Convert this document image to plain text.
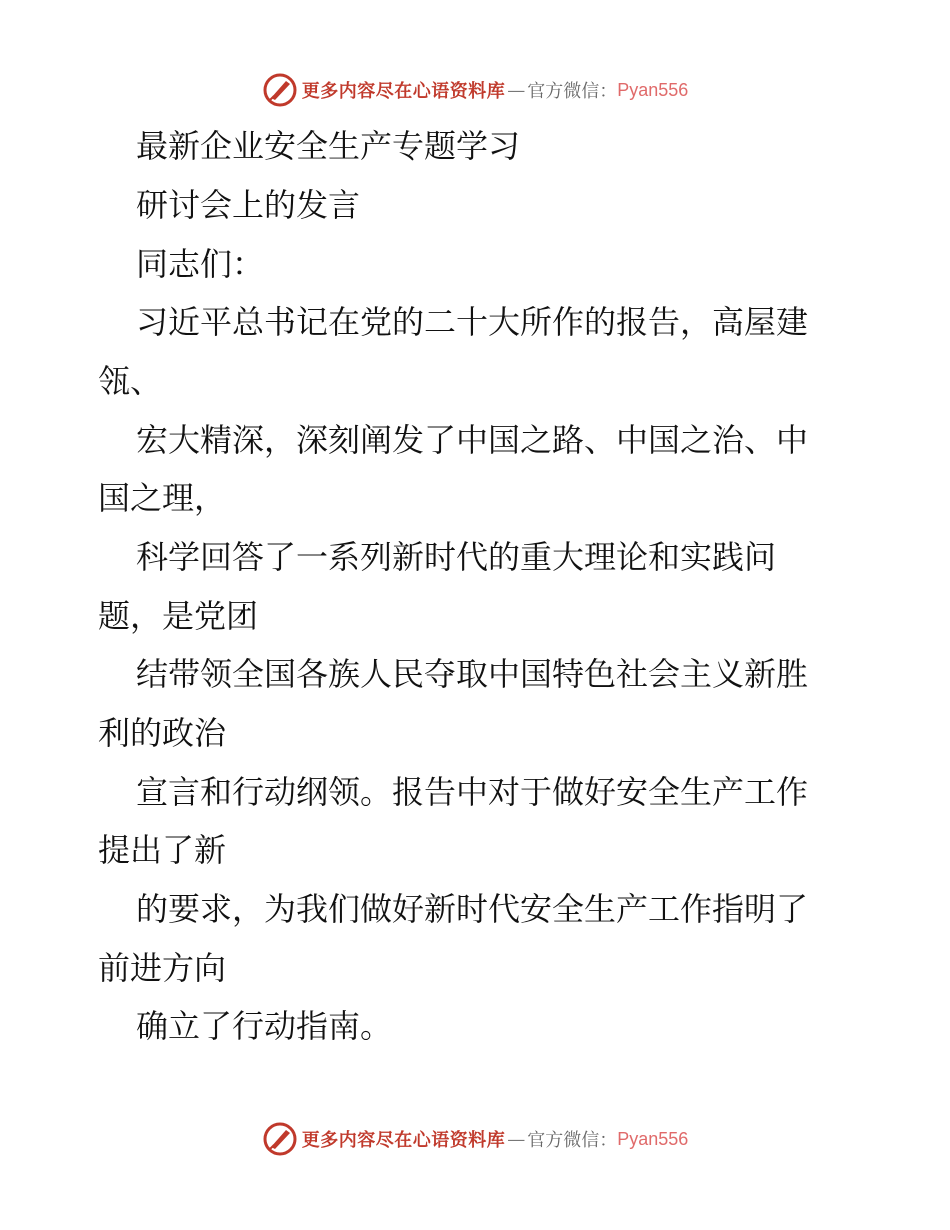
更多内容尽在心语资料库 — 官方微信： Pyan556

最新企业安全生产专题学习

研讨会上的发言

同志们：

习近平总书记在党的二十大所作的报告，高屋建

瓴、

宏大精深，深刻阐发了中国之路、中国之治、中

国之理，

科学回答了一系列新时代的重大理论和实践问

题，是党团

结带领全国各族人民夺取中国特色社会主义新胜

利的政治

宣言和行动纲领。报告中对于做好安全生产工作

提出了新

的要求，为我们做好新时代安全生产工作指明了

前进方向

确立了行动指南。

更多内容尽在心语资料库 — 官方微信： Pyan556
